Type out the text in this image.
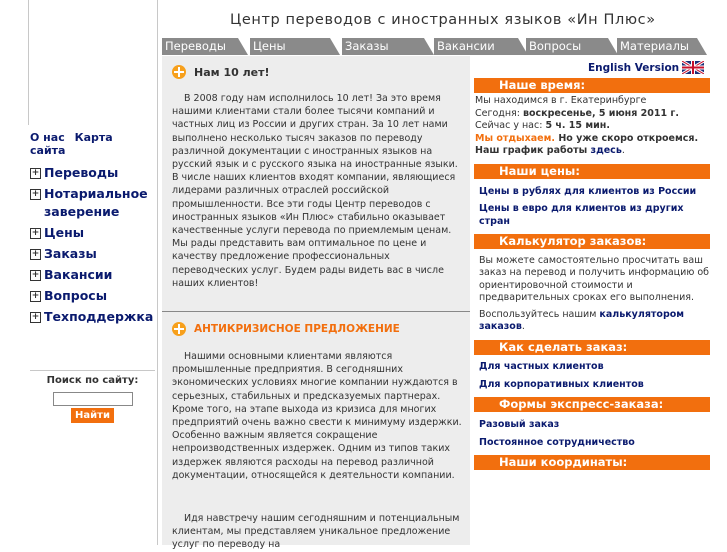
О нас Карта сайта
+ Переводы
+ Нотариальное заверение
+ Цены
+ Заказы
+ Вакансии
+ Вопросы
+ Техподдержка
Поиск по сайту:
Найти
Центр переводов с иностранных языков «Ин Плюс»
Переводы	Цены	Заказы	Вакансии	Вопросы	Материалы
Нам 10 лет!
В 2008 году нам исполнилось 10 лет! За это время нашими клиентами стали более тысячи компаний и частных лиц из России и других стран. За 10 лет нами выполнено несколько тысяч заказов по переводу различной документации с иностранных языков на русский язык и с русского языка на иностранные языки. В числе наших клиентов входят компании, являющиеся лидерами различных отраслей российской промышленности. Все эти годы Центр переводов с иностранных языков «Ин Плюс» стабильно оказывает качественные услуги перевода по приемлемым ценам. Мы рады представить вам оптимальное по цене и качеству предложение профессиональных переводческих услуг. Будем рады видеть вас в числе наших клиентов!
АНТИКРИЗИСНОЕ ПРЕДЛОЖЕНИЕ
Нашими основными клиентами являются промышленные предприятия. В сегодняшних экономических условиях многие компании нуждаются в серьезных, стабильных и предсказуемых партнерах. Кроме того, на этапе выхода из кризиса для многих предприятий очень важно свести к минимуму издержки. Особенно важным является сокращение непроизводственных издержек. Одним из типов таких издержек являются расходы на перевод различной документации, относящейся к деятельности компании.
Идя навстречу нашим сегодняшним и потенциальным клиентам, мы представляем уникальное предложение услуг по переводу на
English Version
Наше время:
Мы находимся в г. Екатеринбурге
Сегодня: воскресенье, 5 июня 2011 г.
Сейчас у нас: 5 ч. 15 мин.
Мы отдыхаем. Но уже скоро откроемся. Наш график работы здесь.
Наши цены:
Цены в рублях для клиентов из России
Цены в евро для клиентов из других стран
Калькулятор заказов:
Вы можете самостоятельно просчитать ваш заказ на перевод и получить информацию об ориентировочной стоимости и предварительных сроках его выполнения.
Воспользуйтесь нашим калькулятором заказов.
Как сделать заказ:
Для частных клиентов
Для корпоративных клиентов
Формы экспресс-заказа:
Разовый заказ
Постоянное сотрудничество
Наши координаты:
